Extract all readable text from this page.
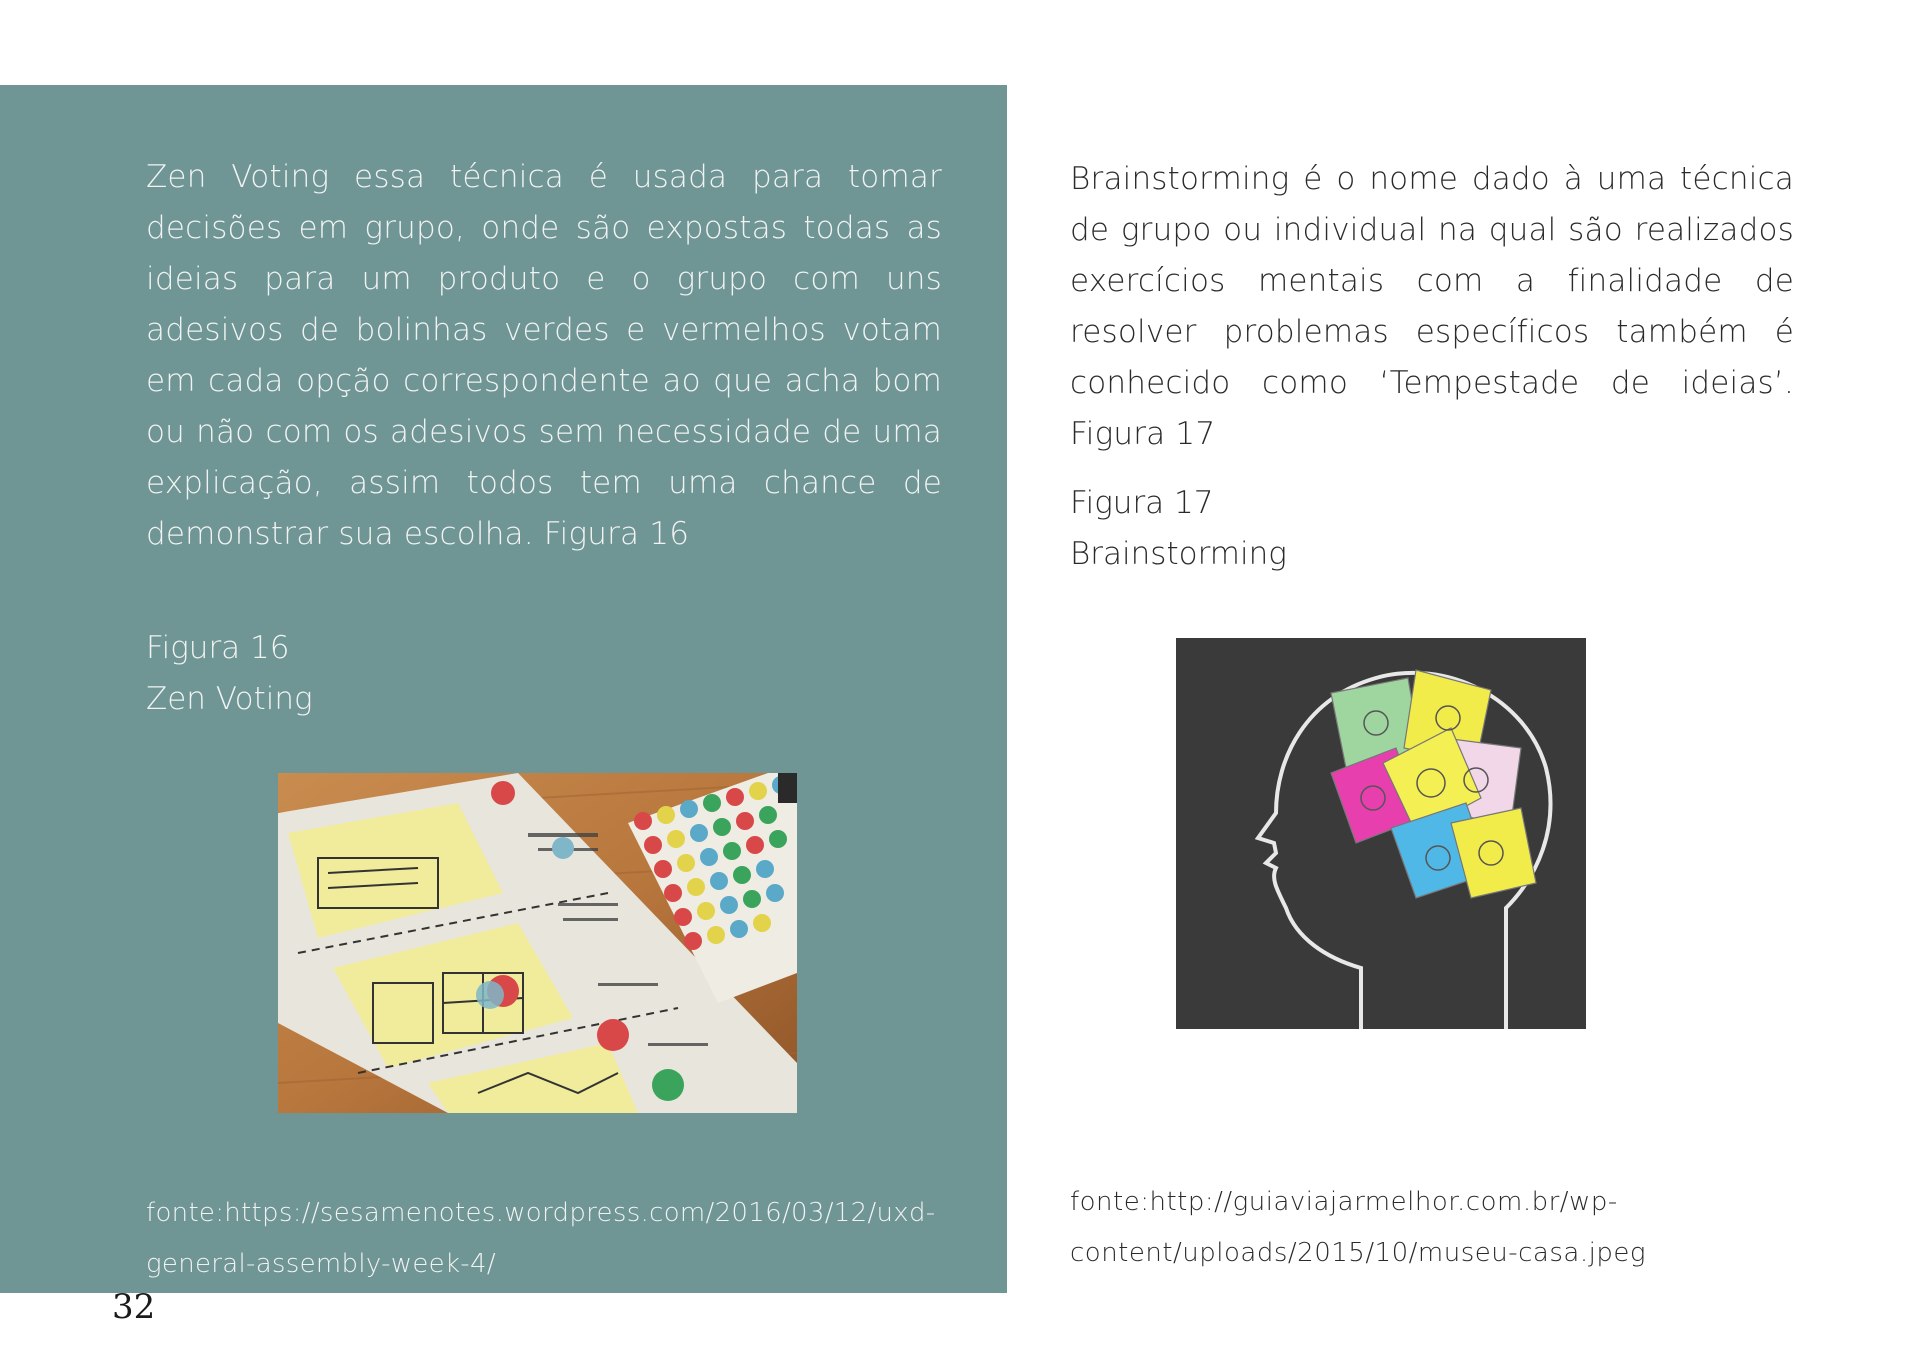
Zen Voting essa técnica é usada para tomar decisões em grupo, onde são expostas todas as ideias para um produto e o grupo com uns adesivos de bolinhas verdes e vermelhos votam em cada opção correspondente ao que acha bom ou não com os adesivos sem necessidade de uma explicação, assim todos tem uma chance de demonstrar sua escolha. Figura 16
Figura 16
Zen Voting
fonte:https://sesamenotes.wordpress.com/2016/03/12/uxd-general-assembly-week-4/
Brainstorming é o nome dado à uma técnica de grupo ou individual na qual são realizados exercícios mentais com a finalidade de resolver problemas específicos também é conhecido como ‘Tempestade de ideias’. Figura 17
Figura 17
Brainstorming
fonte:http://guiaviajarmelhor.com.br/wp-content/uploads/2015/10/museu-casa.jpeg
32
